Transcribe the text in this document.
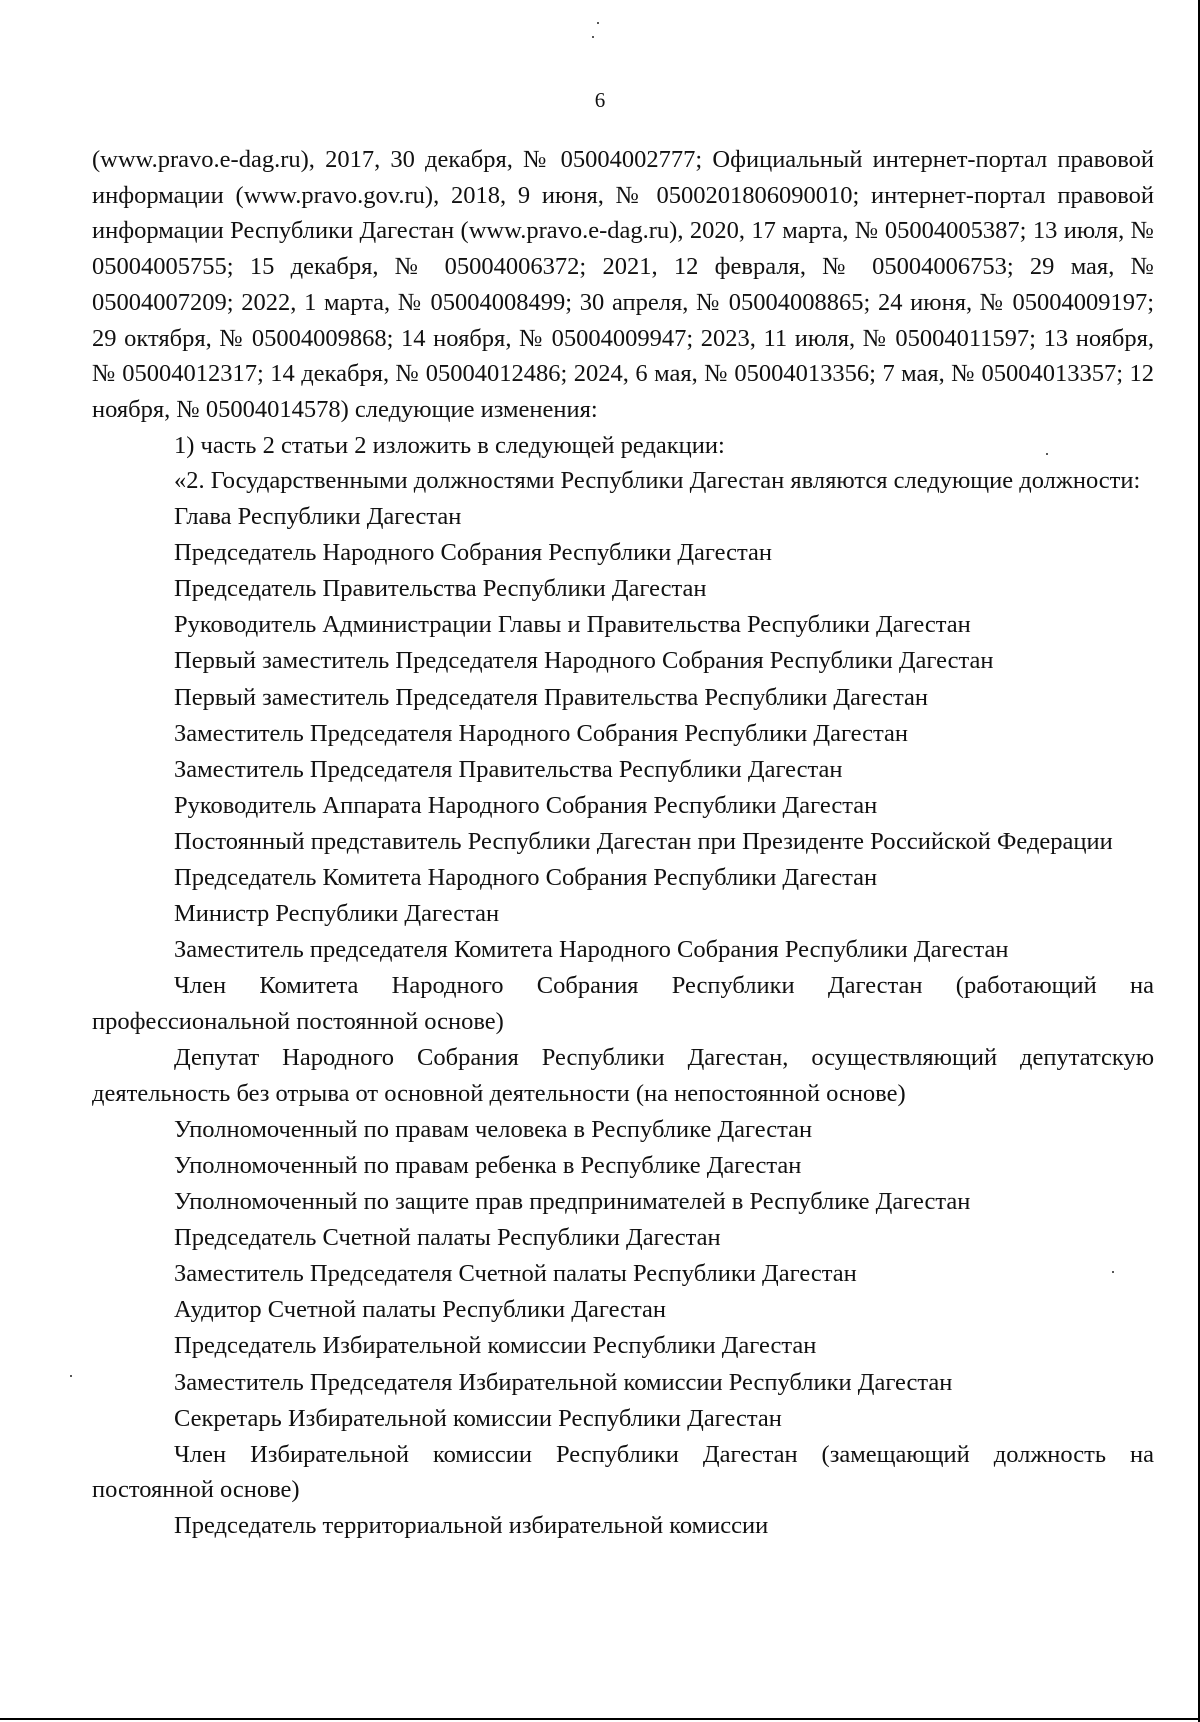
6

(www.pravo.e-dag.ru), 2017, 30 декабря, № 05004002777; Официальный интернет-портал правовой информации (www.pravo.gov.ru), 2018, 9 июня, № 0500201806090010; интернет-портал правовой информации Республики Дагестан (www.pravo.e-dag.ru), 2020, 17 марта, № 05004005387; 13 июля, № 05004005755; 15 декабря, № 05004006372; 2021, 12 февраля, № 05004006753; 29 мая, № 05004007209; 2022, 1 марта, № 05004008499; 30 апреля, № 05004008865; 24 июня, № 05004009197; 29 октября, № 05004009868; 14 ноября, № 05004009947; 2023, 11 июля, № 05004011597; 13 ноября, № 05004012317; 14 декабря, № 05004012486; 2024, 6 мая, № 05004013356; 7 мая, № 05004013357; 12 ноября, № 05004014578) следующие изменения:

1) часть 2 статьи 2 изложить в следующей редакции:

«2. Государственными должностями Республики Дагестан являются следующие должности:

Глава Республики Дагестан
Председатель Народного Собрания Республики Дагестан
Председатель Правительства Республики Дагестан
Руководитель Администрации Главы и Правительства Республики Дагестан
Первый заместитель Председателя Народного Собрания Республики Дагестан
Первый заместитель Председателя Правительства Республики Дагестан
Заместитель Председателя Народного Собрания Республики Дагестан
Заместитель Председателя Правительства Республики Дагестан
Руководитель Аппарата Народного Собрания Республики Дагестан
Постоянный представитель Республики Дагестан при Президенте Российской Федерации
Председатель Комитета Народного Собрания Республики Дагестан
Министр Республики Дагестан
Заместитель председателя Комитета Народного Собрания Республики Дагестан
Член Комитета Народного Собрания Республики Дагестан (работающий на профессиональной постоянной основе)
Депутат Народного Собрания Республики Дагестан, осуществляющий депутатскую деятельность без отрыва от основной деятельности (на непостоянной основе)
Уполномоченный по правам человека в Республике Дагестан
Уполномоченный по правам ребенка в Республике Дагестан
Уполномоченный по защите прав предпринимателей в Республике Дагестан
Председатель Счетной палаты Республики Дагестан
Заместитель Председателя Счетной палаты Республики Дагестан
Аудитор Счетной палаты Республики Дагестан
Председатель Избирательной комиссии Республики Дагестан
Заместитель Председателя Избирательной комиссии Республики Дагестан
Секретарь Избирательной комиссии Республики Дагестан
Член Избирательной комиссии Республики Дагестан (замещающий должность на постоянной основе)
Председатель территориальной избирательной комиссии
